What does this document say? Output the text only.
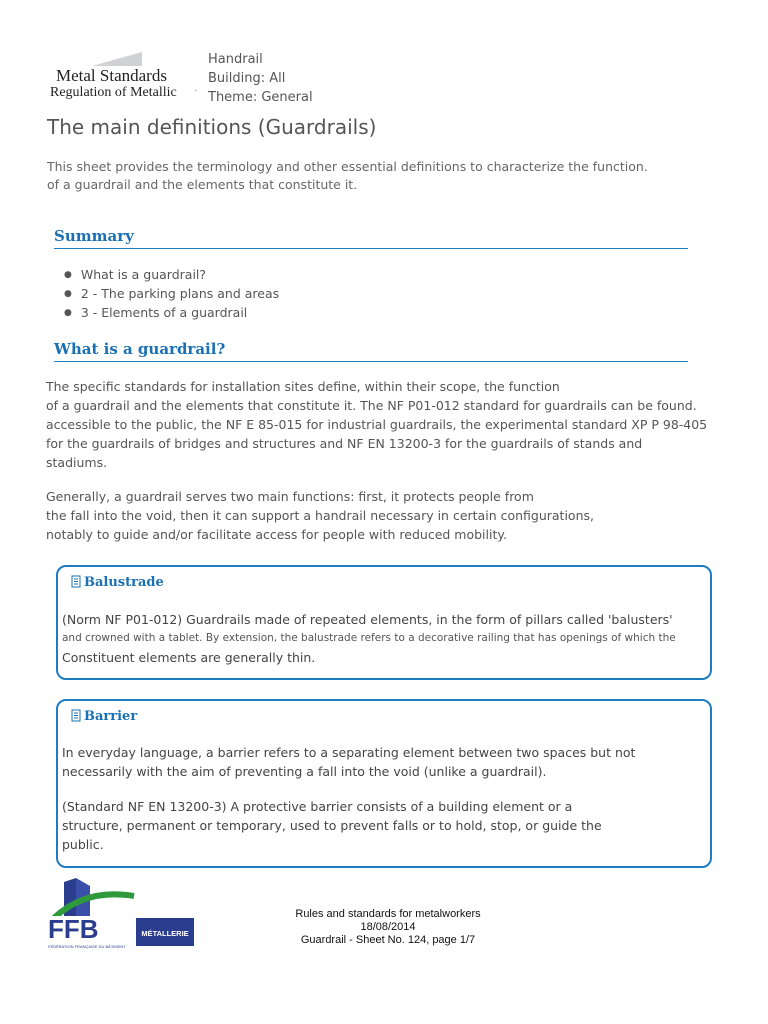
Metal Standards
Regulation of Metallic ·
Handrail
Building: All
Theme: General
The main definitions (Guardrails)
This sheet provides the terminology and other essential definitions to characterize the function.
of a guardrail and the elements that constitute it.
Summary
● What is a guardrail?
● 2 - The parking plans and areas
● 3 - Elements of a guardrail
What is a guardrail?
The specific standards for installation sites define, within their scope, the function
of a guardrail and the elements that constitute it. The NF P01-012 standard for guardrails can be found.
accessible to the public, the NF E 85-015 for industrial guardrails, the experimental standard XP P 98-405
for the guardrails of bridges and structures and NF EN 13200-3 for the guardrails of stands and
stadiums.
Generally, a guardrail serves two main functions: first, it protects people from
the fall into the void, then it can support a handrail necessary in certain configurations,
notably to guide and/or facilitate access for people with reduced mobility.
Balustrade
(Norm NF P01-012) Guardrails made of repeated elements, in the form of pillars called 'balusters'
and crowned with a tablet. By extension, the balustrade refers to a decorative railing that has openings of which the
Constituent elements are generally thin.
Barrier
In everyday language, a barrier refers to a separating element between two spaces but not
necessarily with the aim of preventing a fall into the void (unlike a guardrail).
(Standard NF EN 13200-3) A protective barrier consists of a building element or a
structure, permanent or temporary, used to prevent falls or to hold, stop, or guide the
public.
FFB	MÉTALLERIE
FÉDÉRATION FRANÇAISE DU BÂTIMENT
Rules and standards for metalworkers
18/08/2014
Guardrail - Sheet No. 124, page 1/7
